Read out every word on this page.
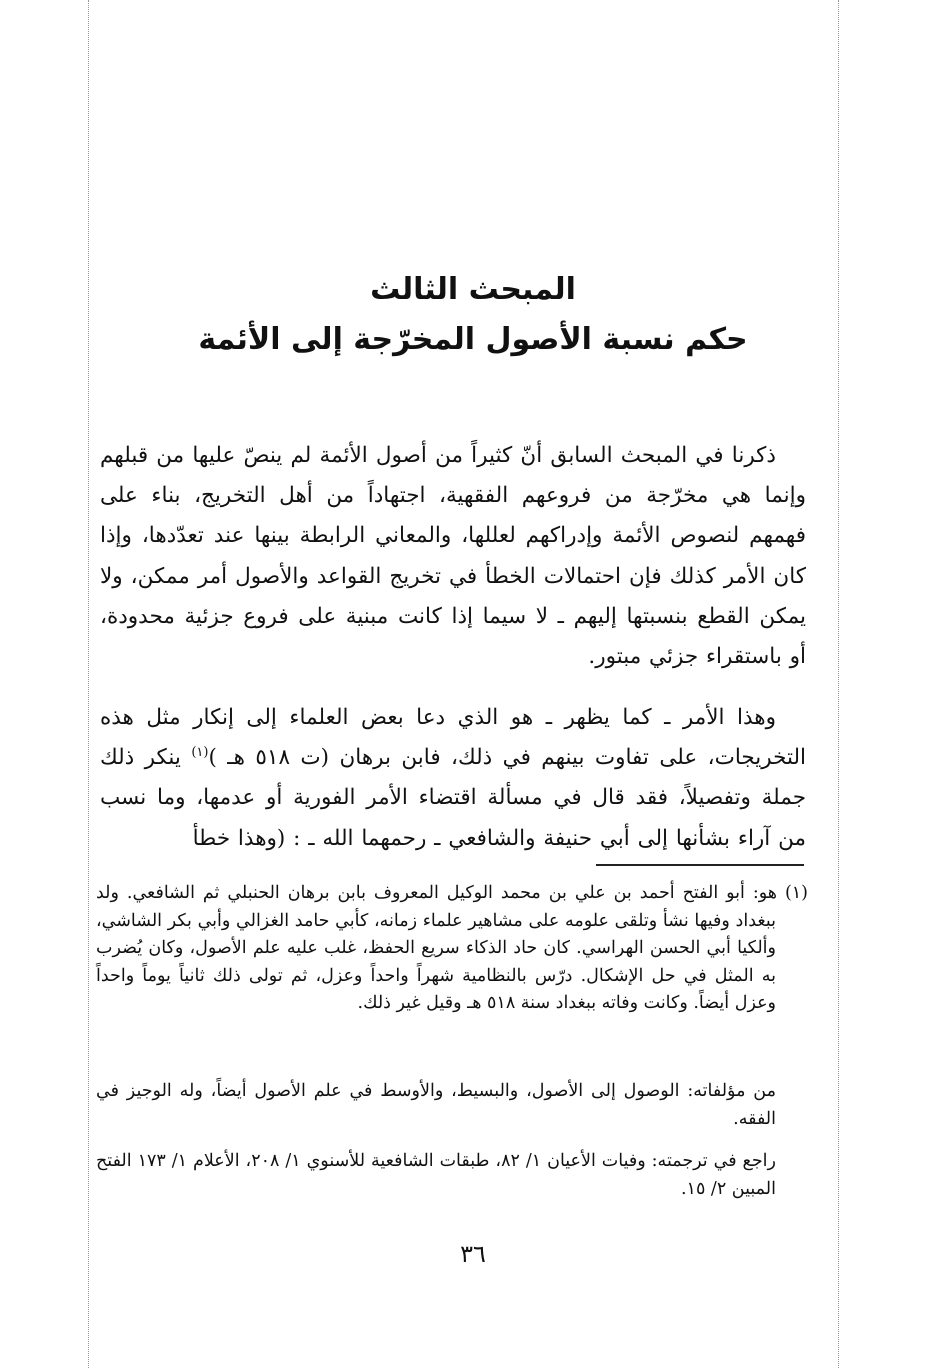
المبحث الثالث
حكم نسبة الأصول المخرّجة إلى الأئمة

ذكرنا في المبحث السابق أنّ كثيراً من أصول الأئمة لم ينصّ عليها من قبلهم وإنما هي مخرّجة من فروعهم الفقهية، اجتهاداً من أهل التخريج، بناء على فهمهم لنصوص الأئمة وإدراكهم لعللها، والمعاني الرابطة بينها عند تعدّدها، وإذا كان الأمر كذلك فإن احتمالات الخطأ في تخريج القواعد والأصول أمر ممكن، ولا يمكن القطع بنسبتها إليهم ـ لا سيما إذا كانت مبنية على فروع جزئية محدودة، أو باستقراء جزئي مبتور.

وهذا الأمر ـ كما يظهر ـ هو الذي دعا بعض العلماء إلى إنكار مثل هذه التخريجات، على تفاوت بينهم في ذلك، فابن برهان (ت ٥١٨ هـ )$^{(١)}$ ينكر ذلك جملة وتفصيلاً، فقد قال في مسألة اقتضاء الأمر الفورية أو عدمها، وما نسب من آراء بشأنها إلى أبي حنيفة والشافعي ـ رحمهما الله ـ : (وهذا خطأ

(١) هو: أبو الفتح أحمد بن علي بن محمد الوكيل المعروف بابن برهان الحنبلي ثم الشافعي. ولد ببغداد وفيها نشأ وتلقى علومه على مشاهير علماء زمانه، كأبي حامد الغزالي وأبي بكر الشاشي، وألكيا أبي الحسن الهراسي. كان حاد الذكاء سريع الحفظ، غلب عليه علم الأصول، وكان يُضرب به المثل في حل الإشكال. درّس بالنظامية شهراً واحداً وعزل، ثم تولى ذلك ثانياً يوماً واحداً وعزل أيضاً. وكانت وفاته ببغداد سنة ٥١٨ هـ وقيل غير ذلك.

من مؤلفاته: الوصول إلى الأصول، والبسيط، والأوسط في علم الأصول أيضاً، وله الوجيز في الفقه.

راجع في ترجمته: وفيات الأعيان ١/ ٨٢، طبقات الشافعية للأسنوي ١/ ٢٠٨، الأعلام ١/ ١٧٣ الفتح المبين ٢/ ١٥.

٣٦
